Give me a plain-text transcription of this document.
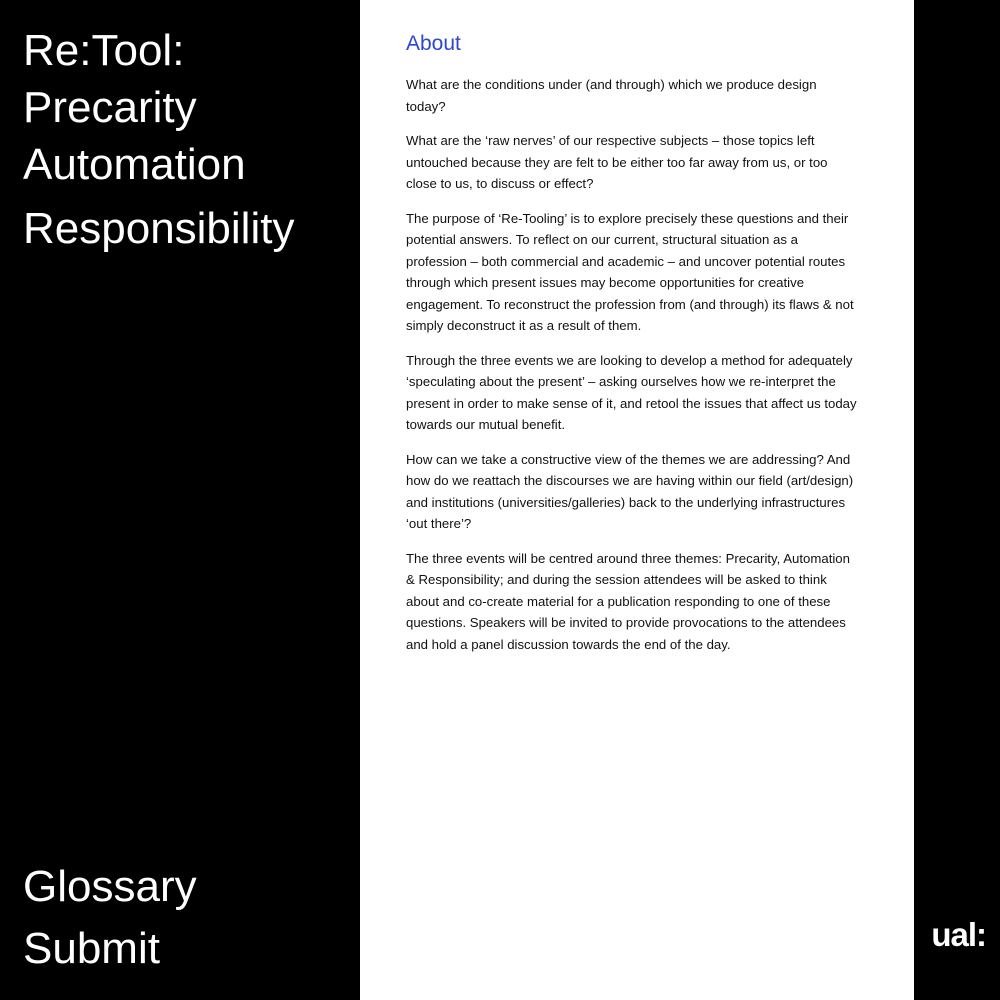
Re:Tool:
Precarity
Automation
Responsibility
Glossary
Submit
About

What are the conditions under (and through) which we produce design today?

What are the ‘raw nerves’ of our respective subjects – those topics left untouched because they are felt to be either too far away from us, or too close to us, to discuss or effect?

The purpose of ‘Re-Tooling’ is to explore precisely these questions and their potential answers. To reflect on our current, structural situation as a profession – both commercial and academic – and uncover potential routes through which present issues may become opportunities for creative engagement. To reconstruct the profession from (and through) its flaws & not simply deconstruct it as a result of them.

Through the three events we are looking to develop a method for adequately ‘speculating about the present’ – asking ourselves how we re-interpret the present in order to make sense of it, and retool the issues that affect us today towards our mutual benefit.

How can we take a constructive view of the themes we are addressing? And how do we reattach the discourses we are having within our field (art/design) and institutions (universities/galleries) back to the underlying infrastructures ‘out there’?

The three events will be centred around three themes: Precarity, Automation & Responsibility; and during the session attendees will be asked to think about and co-create material for a publication responding to one of these questions. Speakers will be invited to provide provocations to the attendees and hold a panel discussion towards the end of the day.

ual:
